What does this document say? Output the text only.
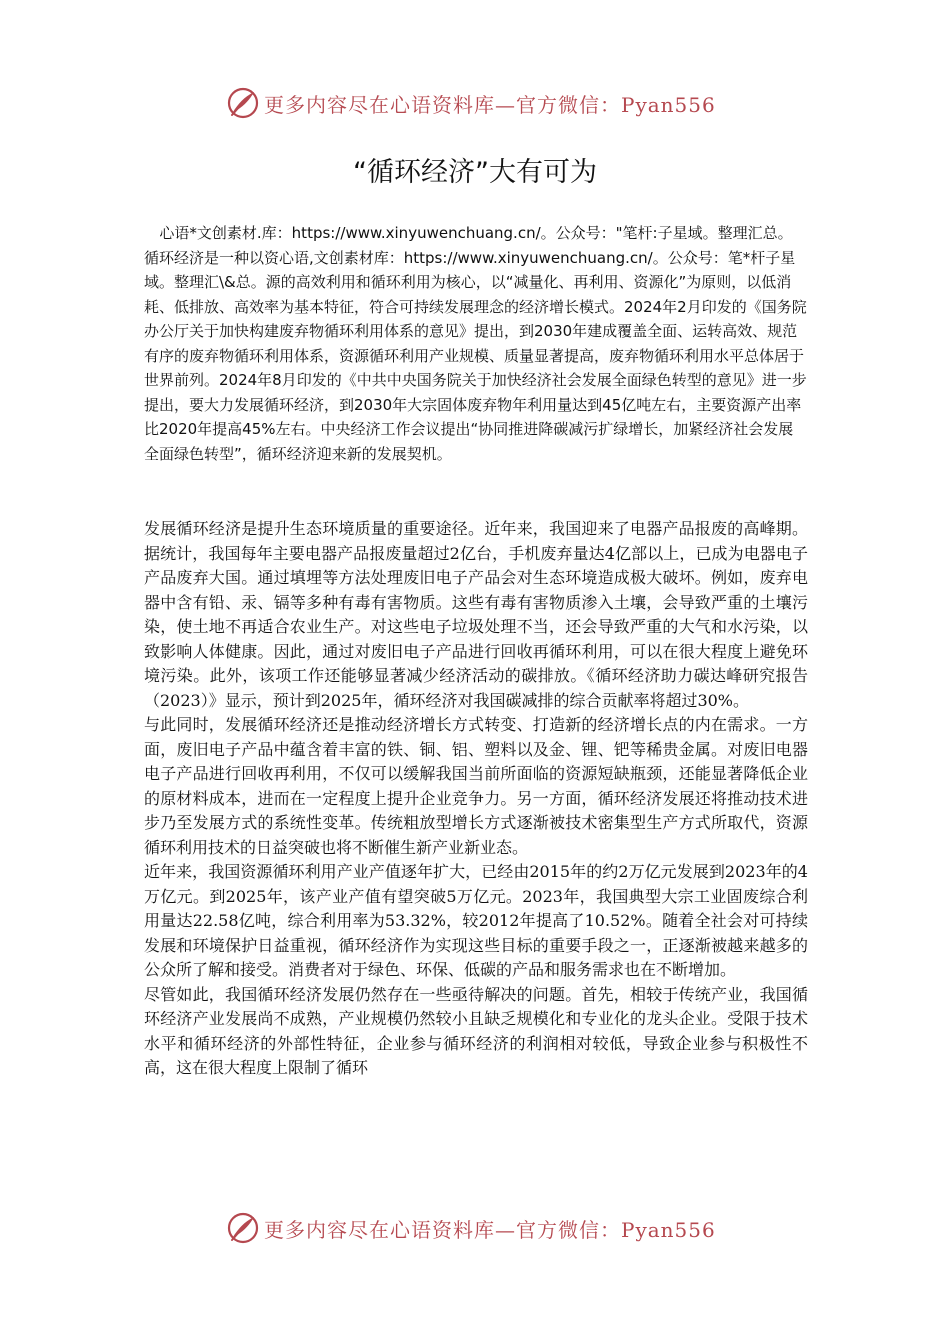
更多内容尽在心语资料库—官方微信：Pyan556
“循环经济”大有可为

心语*文创素材.库：https://www.xinyuwenchuang.cn/。公众号："笔杆:子星域。整理汇总。

循环经济是一种以资心语,文创素材库：https://www.xinyuwenchuang.cn/。公众号：笔*杆子星域。整理汇\&总。源的高效利用和循环利用为核心，以“减量化、再利用、资源化”为原则，以低消耗、低排放、高效率为基本特征，符合可持续发展理念的经济增长模式。2024年2月印发的《国务院办公厅关于加快构建废弃物循环利用体系的意见》提出，到2030年建成覆盖全面、运转高效、规范有序的废弃物循环利用体系，资源循环利用产业规模、质量显著提高，废弃物循环利用水平总体居于世界前列。2024年8月印发的《中共中央国务院关于加快经济社会发展全面绿色转型的意见》进一步提出，要大力发展循环经济，到2030年大宗固体废弃物年利用量达到45亿吨左右，主要资源产出率比2020年提高45%左右。中央经济工作会议提出“协同推进降碳减污扩绿增长，加紧经济社会发展全面绿色转型”，循环经济迎来新的发展契机。

发展循环经济是提升生态环境质量的重要途径。近年来，我国迎来了电器产品报废的高峰期。据统计，我国每年主要电器产品报废量超过2亿台，手机废弃量达4亿部以上，已成为电器电子产品废弃大国。通过填埋等方法处理废旧电子产品会对生态环境造成极大破坏。例如，废弃电器中含有铅、汞、镉等多种有毒有害物质。这些有毒有害物质渗入土壤，会导致严重的土壤污染，使土地不再适合农业生产。对这些电子垃圾处理不当，还会导致严重的大气和水污染，以致影响人体健康。因此，通过对废旧电子产品进行回收再循环利用，可以在很大程度上避免环境污染。此外，该项工作还能够显著减少经济活动的碳排放。《循环经济助力碳达峰研究报告（2023）》显示，预计到2025年，循环经济对我国碳减排的综合贡献率将超过30%。

与此同时，发展循环经济还是推动经济增长方式转变、打造新的经济增长点的内在需求。一方面，废旧电子产品中蕴含着丰富的铁、铜、铝、塑料以及金、锂、钯等稀贵金属。对废旧电器电子产品进行回收再利用，不仅可以缓解我国当前所面临的资源短缺瓶颈，还能显著降低企业的原材料成本，进而在一定程度上提升企业竞争力。另一方面，循环经济发展还将推动技术进步乃至发展方式的系统性变革。传统粗放型增长方式逐渐被技术密集型生产方式所取代，资源循环利用技术的日益突破也将不断催生新产业新业态。

近年来，我国资源循环利用产业产值逐年扩大，已经由2015年的约2万亿元发展到2023年的4万亿元。到2025年，该产业产值有望突破5万亿元。2023年，我国典型大宗工业固废综合利用量达22.58亿吨，综合利用率为53.32%，较2012年提高了10.52%。随着全社会对可持续发展和环境保护日益重视，循环经济作为实现这些目标的重要手段之一，正逐渐被越来越多的公众所了解和接受。消费者对于绿色、环保、低碳的产品和服务需求也在不断增加。

尽管如此，我国循环经济发展仍然存在一些亟待解决的问题。首先，相较于传统产业，我国循环经济产业发展尚不成熟，产业规模仍然较小且缺乏规模化和专业化的龙头企业。受限于技术水平和循环经济的外部性特征，企业参与循环经济的利润相对较低，导致企业参与积极性不高，这在很大程度上限制了循环

更多内容尽在心语资料库—官方微信：Pyan556
